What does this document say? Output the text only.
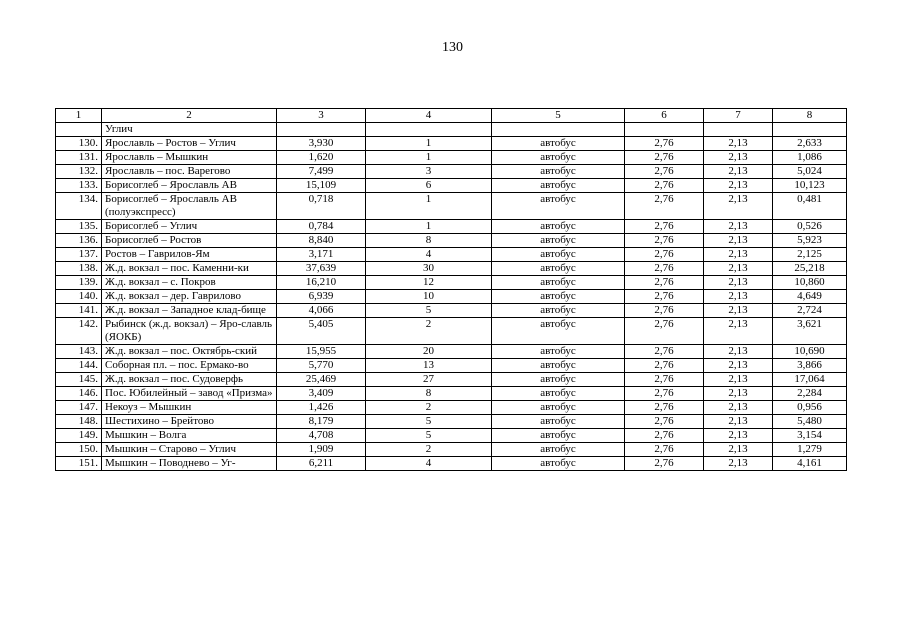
130
1	2	3	4	5	6	7	8
	Углич						
130.	Ярославль – Ростов – Углич	3,930	1	автобус	2,76	2,13	2,633
131.	Ярославль – Мышкин	1,620	1	автобус	2,76	2,13	1,086
132.	Ярославль – пос. Варегово	7,499	3	автобус	2,76	2,13	5,024
133.	Борисоглеб – Ярославль АВ	15,109	6	автобус	2,76	2,13	10,123
134.	Борисоглеб – Ярославль АВ (полуэкспресс)	0,718	1	автобус	2,76	2,13	0,481
135.	Борисоглеб – Углич	0,784	1	автобус	2,76	2,13	0,526
136.	Борисоглеб – Ростов	8,840	8	автобус	2,76	2,13	5,923
137.	Ростов – Гаврилов-Ям	3,171	4	автобус	2,76	2,13	2,125
138.	Ж.д. вокзал – пос. Каменни-ки	37,639	30	автобус	2,76	2,13	25,218
139.	Ж.д. вокзал – с. Покров	16,210	12	автобус	2,76	2,13	10,860
140.	Ж.д. вокзал – дер. Гаврилово	6,939	10	автобус	2,76	2,13	4,649
141.	Ж.д. вокзал – Западное клад-бище	4,066	5	автобус	2,76	2,13	2,724
142.	Рыбинск (ж.д. вокзал) – Яро-славль (ЯОКБ)	5,405	2	автобус	2,76	2,13	3,621
143.	Ж.д. вокзал – пос. Октябрь-ский	15,955	20	автобус	2,76	2,13	10,690
144.	Соборная пл. – пос. Ермако-во	5,770	13	автобус	2,76	2,13	3,866
145.	Ж.д. вокзал – пос. Судоверфь	25,469	27	автобус	2,76	2,13	17,064
146.	Пос. Юбилейный – завод «Призма»	3,409	8	автобус	2,76	2,13	2,284
147.	Некоуз – Мышкин	1,426	2	автобус	2,76	2,13	0,956
148.	Шестихино – Брейтово	8,179	5	автобус	2,76	2,13	5,480
149.	Мышкин – Волга	4,708	5	автобус	2,76	2,13	3,154
150.	Мышкин – Старово – Углич	1,909	2	автобус	2,76	2,13	1,279
151.	Мышкин – Поводнево – Уг-	6,211	4	автобус	2,76	2,13	4,161
